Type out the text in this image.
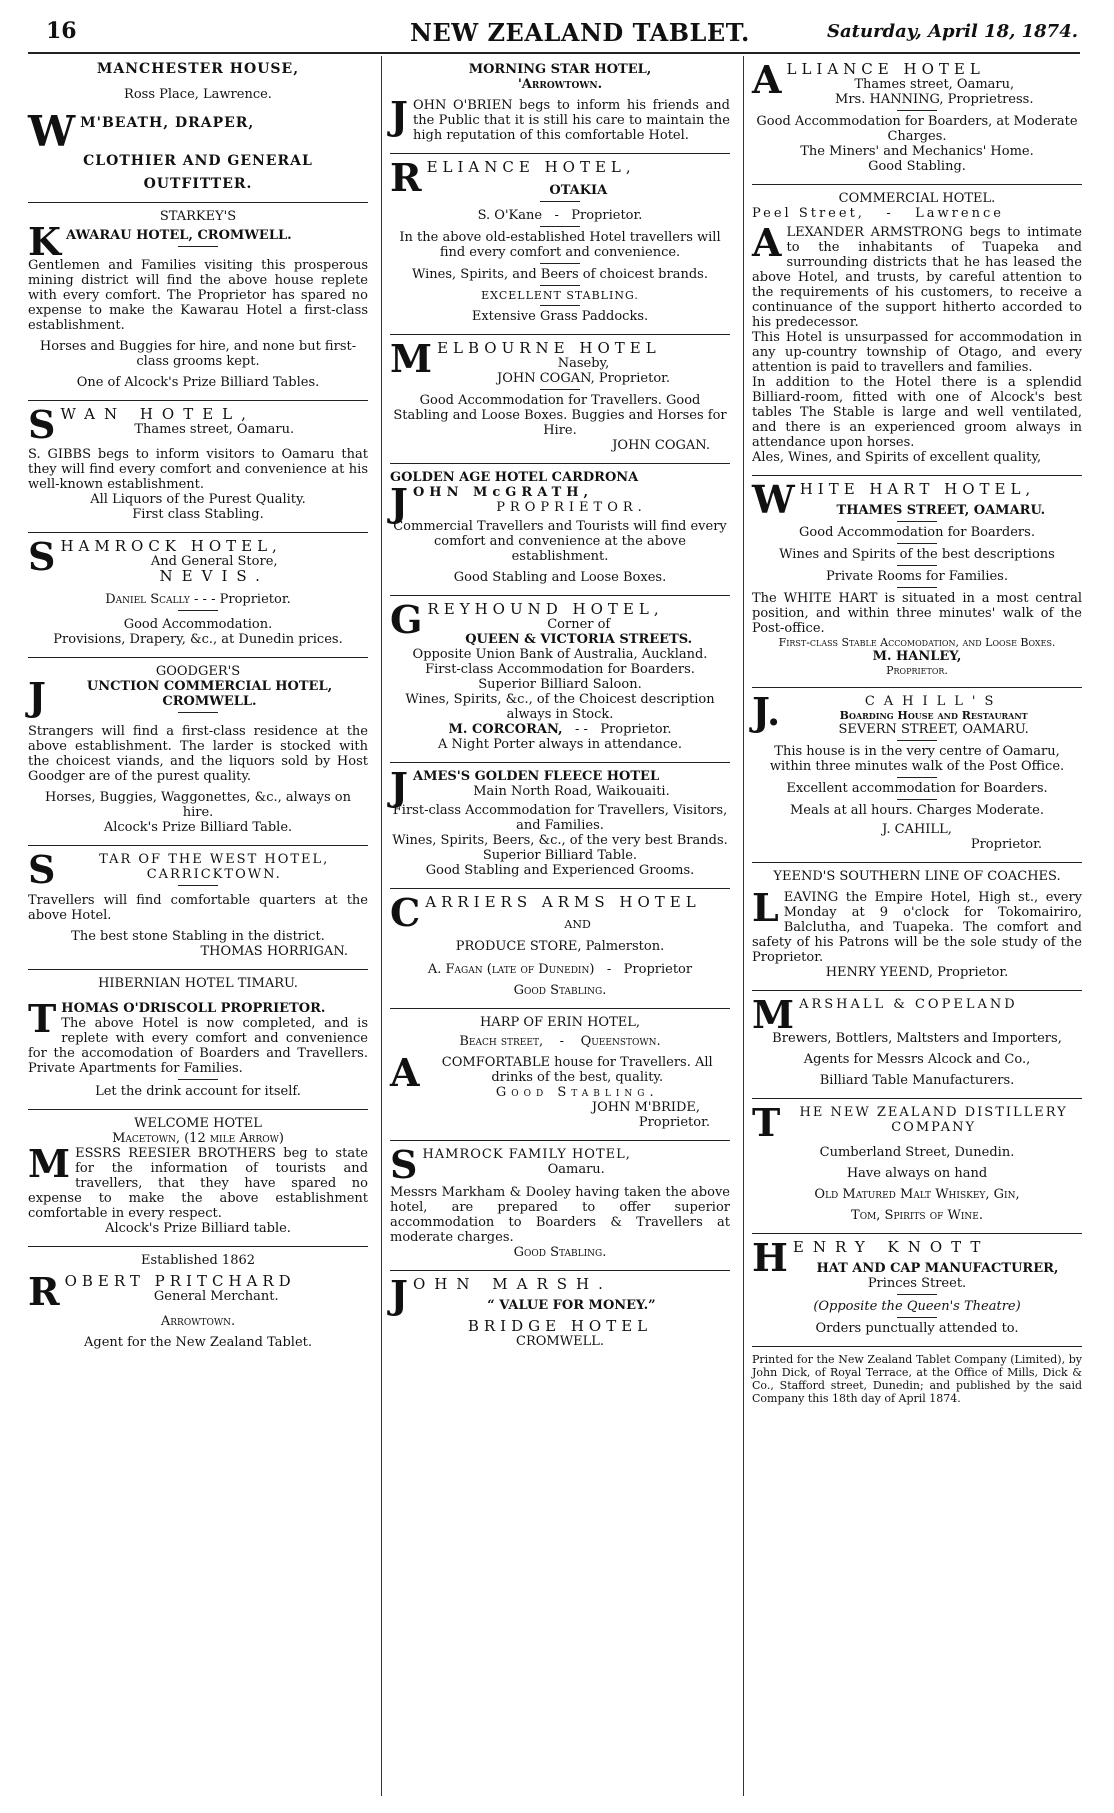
16	NEW ZEALAND TABLET.	Saturday, April 18, 1874.

MANCHESTER HOUSE,

Ross Place, Lawrence.

W M'BEATH, DRAPER,

CLOTHIER AND GENERAL

OUTFITTER.

STARKEY'S

K AWARAU HOTEL, CROMWELL.

Gentlemen and Families visiting this prosperous mining district will find the above house replete with every comfort. The Proprietor has spared no expense to make the Kawarau Hotel a first-class establishment.

Horses and Buggies for hire, and none but first-class grooms kept.

One of Alcock's Prize Billiard Tables.

S WAN HOTEL,

Thames street, Oamaru.

S. GIBBS begs to inform visitors to Oamaru that they will find every comfort and convenience at his well-known establishment.

All Liquors of the Purest Quality.

First class Stabling.

S HAMROCK HOTEL,

And General Store,

NEVIS.

Daniel Scally - - - Proprietor.

Good Accommodation.

Provisions, Drapery, &c., at Dunedin prices.

GOODGER'S

J	UNCTION COMMERCIAL HOTEL, CROMWELL.

Strangers will find a first-class residence at the above establishment. The larder is stocked with the choicest viands, and the liquors sold by Host Goodger are of the purest quality.

Horses, Buggies, Waggonettes, &c., always on hire.

Alcock's Prize Billiard Table.

S	TAR OF THE WEST HOTEL, CARRICKTOWN.

Travellers will find comfortable quarters at the above Hotel.

The best stone Stabling in the district.

THOMAS HORRIGAN.

HIBERNIAN HOTEL TIMARU.

T HOMAS O'DRISCOLL PROPRIETOR.

The above Hotel is now completed, and is replete with every comfort and convenience for the accomodation of Boarders and Travellers. Private Apartments for Families.

Let the drink account for itself.

WELCOME HOTEL

Macetown, (12 mile Arrow)

M ESSRS REESIER BROTHERS beg to state for the information of tourists and travellers, that they have spared no expense to make the above establishment comfortable in every respect.

Alcock's Prize Billiard table.

Established 1862

R OBERT PRITCHARD

General Merchant.

Arrowtown.

Agent for the New Zealand Tablet.

MORNING STAR HOTEL,

'Arrowtown.

J OHN O'BRIEN begs to inform his friends and the Public that it is still his care to maintain the high reputation of this comfortable Hotel.

R ELIANCE HOTEL,

OTAKIA

S. O'Kane - Proprietor.

In the above old-established Hotel travellers will find every comfort and convenience.

Wines, Spirits, and Beers of choicest brands.

EXCELLENT STABLING.

Extensive Grass Paddocks.

M ELBOURNE HOTEL

Naseby,

JOHN COGAN, Proprietor.

Good Accommodation for Travellers. Good Stabling and Loose Boxes. Buggies and Horses for Hire.

JOHN COGAN.

GOLDEN AGE HOTEL CARDRONA

J OHN McGRATH,

PROPRIETOR.

Commercial Travellers and Tourists will find every comfort and convenience at the above establishment.

Good Stabling and Loose Boxes.

G REYHOUND HOTEL,

Corner of

QUEEN & VICTORIA STREETS.

Opposite Union Bank of Australia, Auckland.

First-class Accommodation for Boarders.

Superior Billiard Saloon.

Wines, Spirits, &c., of the Choicest description always in Stock.

M. CORCORAN, - - Proprietor.

A Night Porter always in attendance.

J AMES'S GOLDEN FLEECE HOTEL

Main North Road, Waikouaiti.

First-class Accommodation for Travellers, Visitors, and Families.

Wines, Spirits, Beers, &c., of the very best Brands.

Superior Billiard Table.

Good Stabling and Experienced Grooms.

C ARRIERS ARMS HOTEL

AND

PRODUCE STORE, Palmerston.

A. Fagan (late of Dunedin) - Proprietor

Good Stabling.

HARP OF ERIN HOTEL,

Beach street, - Queenstown.

A	COMFORTABLE house for Travellers. All drinks of the best, quality.

Good Stabling.

JOHN M'BRIDE,

Proprietor.

S HAMROCK FAMILY HOTEL,

Oamaru.

Messrs Markham & Dooley having taken the above hotel, are prepared to offer superior accommodation to Boarders & Travellers at moderate charges.

Good Stabling.

J OHN MARSH.

“ VALUE FOR MONEY.”

BRIDGE HOTEL

CROMWELL.

A LLIANCE HOTEL

Thames street, Oamaru,

Mrs. HANNING, Proprietress.

Good Accommodation for Boarders, at Moderate Charges.

The Miners' and Mechanics' Home.

Good Stabling.

COMMERCIAL HOTEL.

Peel Street, - Lawrence

A LEXANDER ARMSTRONG begs to intimate to the inhabitants of Tuapeka and surrounding districts that he has leased the above Hotel, and trusts, by careful attention to the requirements of his customers, to receive a continuance of the support hitherto accorded to his predecessor.

This Hotel is unsurpassed for accommodation in any up-country township of Otago, and every attention is paid to travellers and families.

In addition to the Hotel there is a splendid Billiard-room, fitted with one of Alcock's best tables The Stable is large and well ventilated, and there is an experienced groom always in attendance upon horses.

Ales, Wines, and Spirits of excellent quality,

W HITE HART HOTEL,

THAMES STREET, OAMARU.

Good Accommodation for Boarders.

Wines and Spirits of the best descriptions

Private Rooms for Families.

The WHITE HART is situated in a most central position, and within three minutes' walk of the Post-office.

First-class Stable Accomodation, and Loose Boxes.

M. HANLEY,

Proprietor.

J.	CAHILL'S

Boarding House and Restaurant

SEVERN STREET, OAMARU.

This house is in the very centre of Oamaru, within three minutes walk of the Post Office.

Excellent accommodation for Boarders.

Meals at all hours. Charges Moderate.

J. CAHILL,

Proprietor.

YEEND'S SOUTHERN LINE OF COACHES.

L EAVING the Empire Hotel, High st., every Monday at 9 o'clock for Tokomairiro, Balclutha, and Tuapeka. The comfort and safety of his Patrons will be the sole study of the Proprietor.

HENRY YEEND, Proprietor.

M ARSHALL & COPELAND

Brewers, Bottlers, Maltsters and Importers,

Agents for Messrs Alcock and Co.,

Billiard Table Manufacturers.

T	HE NEW ZEALAND DISTILLERY COMPANY

Cumberland Street, Dunedin.

Have always on hand

Old Matured Malt Whiskey, Gin,

Tom, Spirits of Wine.

H ENRY KNOTT

HAT AND CAP MANUFACTURER,

Princes Street.

(Opposite the Queen's Theatre)

Orders punctually attended to.

Printed for the New Zealand Tablet Company (Limited), by John Dick, of Royal Terrace, at the Office of Mills, Dick & Co., Stafford street, Dunedin; and published by the said Company this 18th day of April 1874.
